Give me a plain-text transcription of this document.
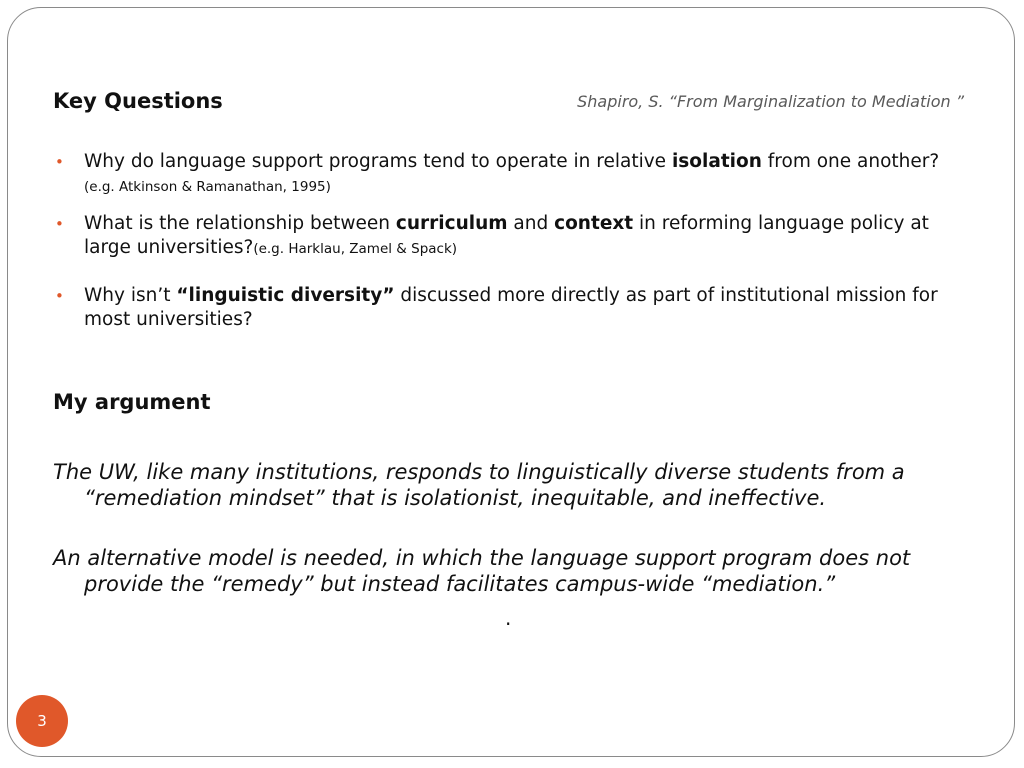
Key Questions	Shapiro, S. “From Marginalization to Mediation ”
• Why do language support programs tend to operate in relative isolation from one another?
(e.g. Atkinson & Ramanathan, 1995)
• What is the relationship between curriculum and context in reforming language policy at large universities?(e.g. Harklau, Zamel & Spack)
• Why isn’t “linguistic diversity” discussed more directly as part of institutional mission for most universities?
My argument
The UW, like many institutions, responds to linguistically diverse students from a “remediation mindset” that is isolationist, inequitable, and ineffective.
An alternative model is needed, in which the language support program does not provide the “remedy” but instead facilitates campus-wide “mediation.”
.
3
